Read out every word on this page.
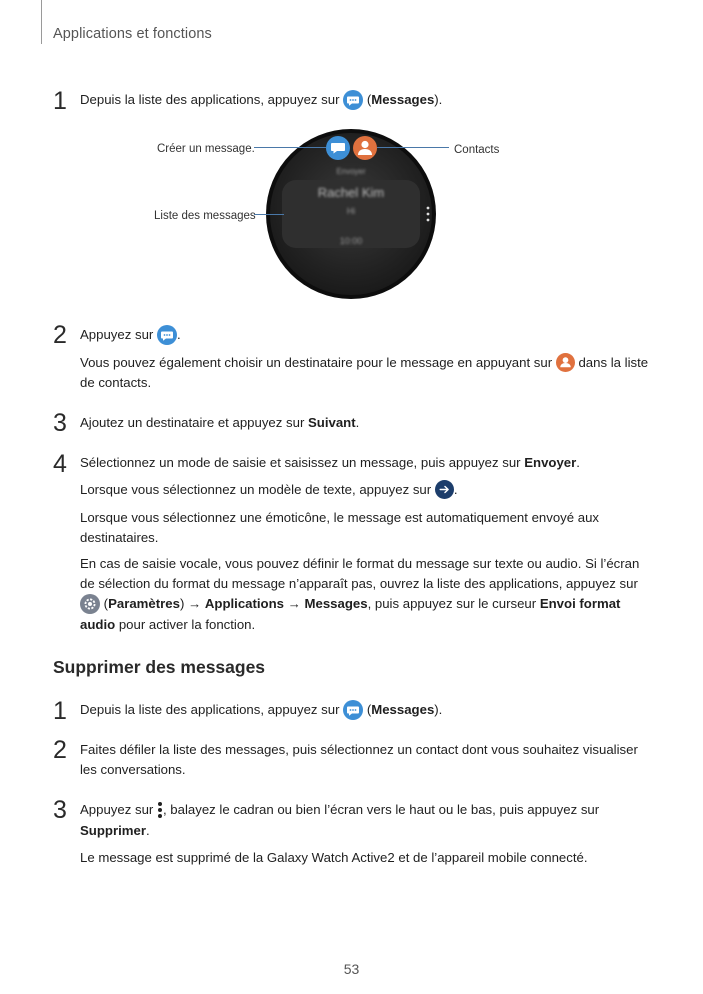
Applications et fonctions
1 Depuis la liste des applications, appuyez sur
(Messages).
Envoyer
Rachel Kim
Hi
10:00
Créer un message.	Contacts
Liste des messages
2 Appuyez sur
.
Vous pouvez également choisir un destinataire pour le message en appuyant sur
dans la liste de contacts.
3 Ajoutez un destinataire et appuyez sur Suivant.
4 Sélectionnez un mode de saisie et saisissez un message, puis appuyez sur Envoyer.
Lorsque vous sélectionnez un modèle de texte, appuyez sur
.
Lorsque vous sélectionnez une émoticône, le message est automatiquement envoyé aux destinataires.
En cas de saisie vocale, vous pouvez définir le format du message sur texte ou audio. Si l’écran de sélection du format du message n’apparaît pas, ouvrez la liste des applications, appuyez sur
(Paramètres) → Applications → Messages, puis appuyez sur le curseur Envoi format audio pour activer la fonction.
Supprimer des messages
1 Depuis la liste des applications, appuyez sur
(Messages).
2 Faites défiler la liste des messages, puis sélectionnez un contact dont vous souhaitez visualiser les conversations.
3 Appuyez sur
, balayez le cadran ou bien l’écran vers le haut ou le bas, puis appuyez sur Supprimer.
Le message est supprimé de la Galaxy Watch Active2 et de l’appareil mobile connecté.
53
